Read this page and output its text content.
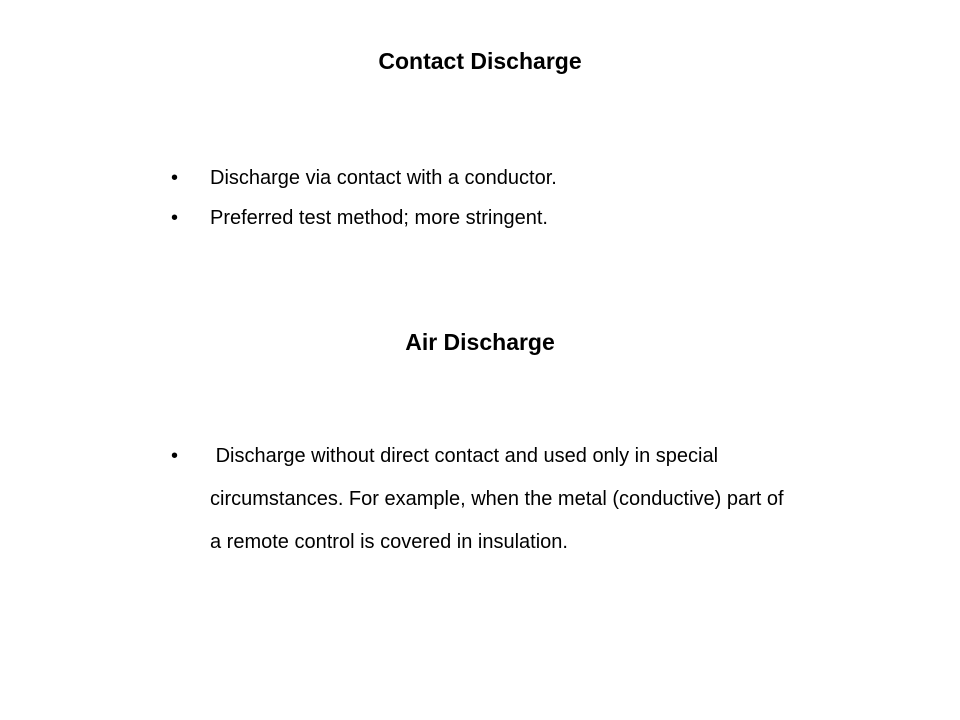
Contact Discharge
• Discharge via contact with a conductor.
• Preferred test method; more stringent.
Air Discharge
• Discharge without direct contact and used only in special circumstances. For example, when the metal (conductive) part of a remote control is covered in insulation.
